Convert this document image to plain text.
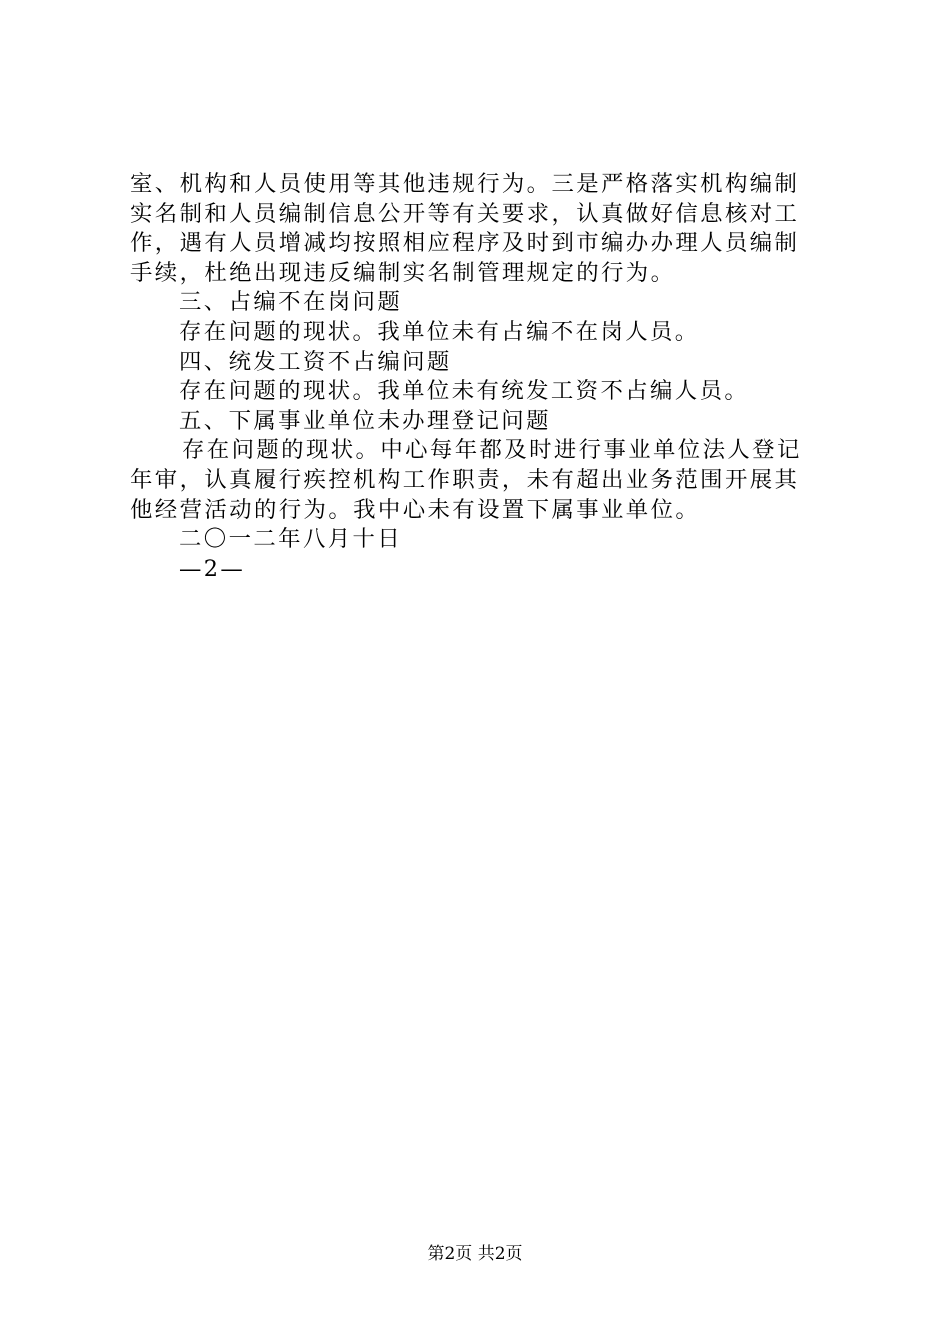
室、机构和人员使用等其他违规行为。三是严格落实机构编制

实名制和人员编制信息公开等有关要求，认真做好信息核对工

作，遇有人员增减均按照相应程序及时到市编办办理人员编制

手续，杜绝出现违反编制实名制管理规定的行为。

三、占编不在岗问题

存在问题的现状。我单位未有占编不在岗人员。

四、统发工资不占编问题

存在问题的现状。我单位未有统发工资不占编人员。

五、下属事业单位未办理登记问题

存在问题的现状。中心每年都及时进行事业单位法人登记

年审，认真履行疾控机构工作职责，未有超出业务范围开展其

他经营活动的行为。我中心未有设置下属事业单位。

二〇一二年八月十日

—2—

第2页 共2页
